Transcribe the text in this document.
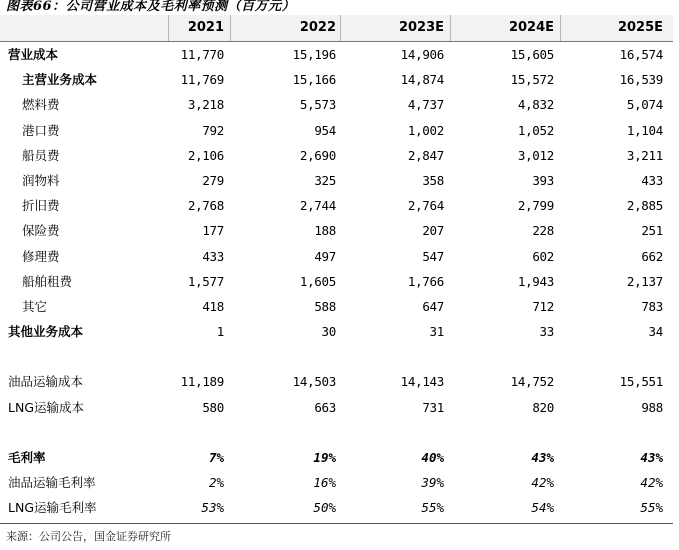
图表66：公司营业成本及毛利率预测（百万元）
2021	2022	2023E	2024E	2025E
营业成本	11,770	15,196	14,906	15,605	16,574
主营业务成本	11,769	15,166	14,874	15,572	16,539
燃料费	3,218	5,573	4,737	4,832	5,074
港口费	792	954	1,002	1,052	1,104
船员费	2,106	2,690	2,847	3,012	3,211
润物料	279	325	358	393	433
折旧费	2,768	2,744	2,764	2,799	2,885
保险费	177	188	207	228	251
修理费	433	497	547	602	662
船舶租费	1,577	1,605	1,766	1,943	2,137
其它	418	588	647	712	783
其他业务成本	1	30	31	33	34
油品运输成本	11,189	14,503	14,143	14,752	15,551
LNG运输成本	580	663	731	820	988
毛利率	7%	19%	40%	43%	43%
油品运输毛利率	2%	16%	39%	42%	42%
LNG运输毛利率	53%	50%	55%	54%	55%
来源：公司公告，国金证券研究所
